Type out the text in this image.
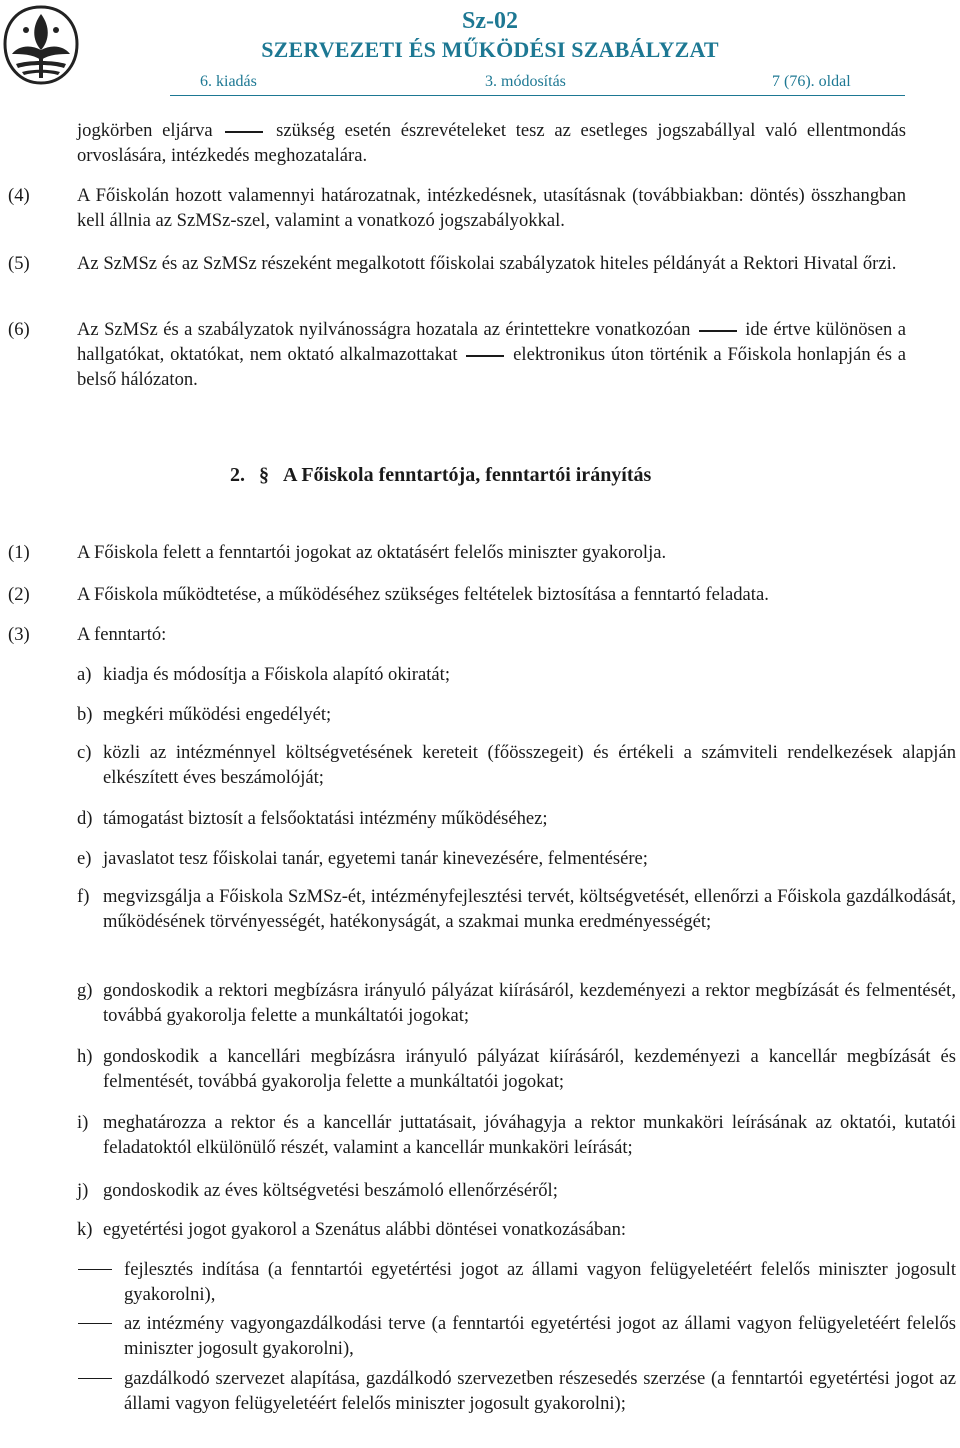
Sz-02
SZERVEZETI ÉS MŰKÖDÉSI SZABÁLYZAT
6. kiadás	3. módosítás	7 (76). oldal
jogkörben eljárva	szükség esetén észrevételeket tesz az esetleges jogszabállyal való ellentmondás orvoslására, intézkedés meghozatalára.
(4)	A Főiskolán hozott valamennyi határozatnak, intézkedésnek, utasításnak (továbbiakban: döntés) összhangban kell állnia az SzMSz-szel, valamint a vonatkozó jogszabályokkal.
(5)	Az SzMSz és az SzMSz részeként megalkotott főiskolai szabályzatok hiteles példányát a Rektori Hivatal őrzi.
(6)	Az SzMSz és a szabályzatok nyilvánosságra hozatala az érintettekre vonatkozóan	ide értve különösen a hallgatókat, oktatókat, nem oktató alkalmazottakat	elektronikus úton történik a Főiskola honlapján és a belső hálózaton.
2. § A Főiskola fenntartója, fenntartói irányítás
(1)	A Főiskola felett a fenntartói jogokat az oktatásért felelős miniszter gyakorolja.
(2)	A Főiskola működtetése, a működéséhez szükséges feltételek biztosítása a fenntartó feladata.
(3)	A fenntartó:
a) kiadja és módosítja a Főiskola alapító okiratát;
b) megkéri működési engedélyét;
c) közli az intézménnyel költségvetésének kereteit (főösszegeit) és értékeli a számviteli rendelkezések alapján elkészített éves beszámolóját;
d) támogatást biztosít a felsőoktatási intézmény működéséhez;
e) javaslatot tesz főiskolai tanár, egyetemi tanár kinevezésére, felmentésére;
f) megvizsgálja a Főiskola SzMSz-ét, intézményfejlesztési tervét, költségvetését, ellenőrzi a Főiskola gazdálkodását, működésének törvényességét, hatékonyságát, a szakmai munka eredményességét;
g) gondoskodik a rektori megbízásra irányuló pályázat kiírásáról, kezdeményezi a rektor megbízását és felmentését, továbbá gyakorolja felette a munkáltatói jogokat;
h) gondoskodik a kancellári megbízásra irányuló pályázat kiírásáról, kezdeményezi a kancellár megbízását és felmentését, továbbá gyakorolja felette a munkáltatói jogokat;
i) meghatározza a rektor és a kancellár juttatásait, jóváhagyja a rektor munkaköri leírásának az oktatói, kutatói feladatoktól elkülönülő részét, valamint a kancellár munkaköri leírását;
j) gondoskodik az éves költségvetési beszámoló ellenőrzéséről;
k) egyetértési jogot gyakorol a Szenátus alábbi döntései vonatkozásában:
fejlesztés indítása (a fenntartói egyetértési jogot az állami vagyon felügyeletéért felelős miniszter jogosult gyakorolni),
az intézmény vagyongazdálkodási terve (a fenntartói egyetértési jogot az állami vagyon felügyeletéért felelős miniszter jogosult gyakorolni),
gazdálkodó szervezet alapítása, gazdálkodó szervezetben részesedés szerzése (a fenntartói egyetértési jogot az állami vagyon felügyeletéért felelős miniszter jogosult gyakorolni);
